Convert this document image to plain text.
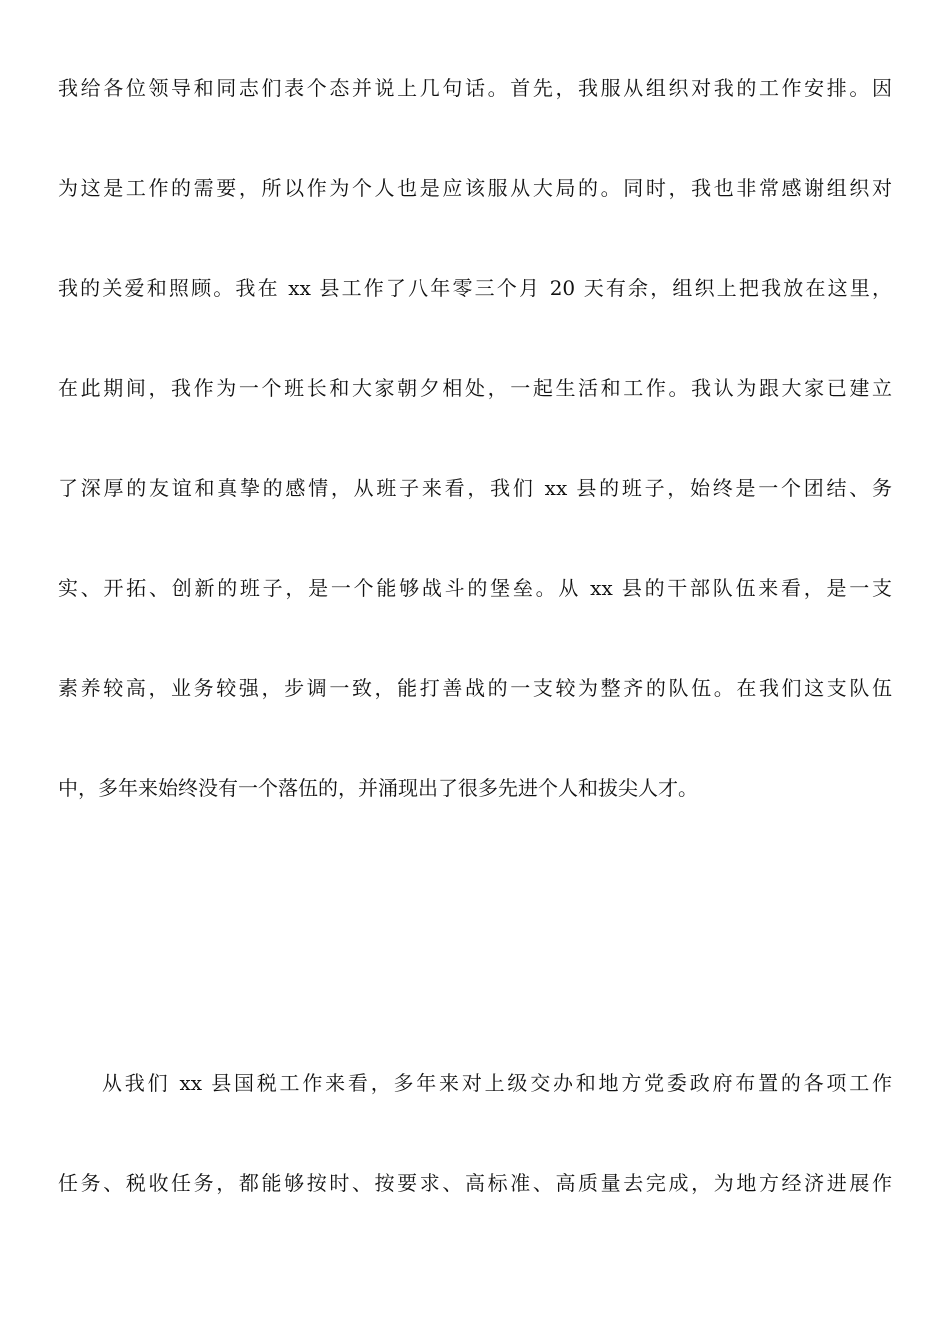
我给各位领导和同志们表个态并说上几句话。首先，我服从组织对我的工作安排。因
为这是工作的需要，所以作为个人也是应该服从大局的。同时，我也非常感谢组织对
我的关爱和照顾。我在 xx 县工作了八年零三个月 20 天有余，组织上把我放在这里，
在此期间，我作为一个班长和大家朝夕相处，一起生活和工作。我认为跟大家已建立
了深厚的友谊和真挚的感情，从班子来看，我们 xx 县的班子，始终是一个团结、务
实、开拓、创新的班子，是一个能够战斗的堡垒。从 xx 县的干部队伍来看，是一支
素养较高，业务较强，步调一致，能打善战的一支较为整齐的队伍。在我们这支队伍
中，多年来始终没有一个落伍的，并涌现出了很多先进个人和拔尖人才。
从我们 xx 县国税工作来看，多年来对上级交办和地方党委政府布置的各项工作
任务、税收任务，都能够按时、按要求、高标准、高质量去完成，为地方经济进展作
